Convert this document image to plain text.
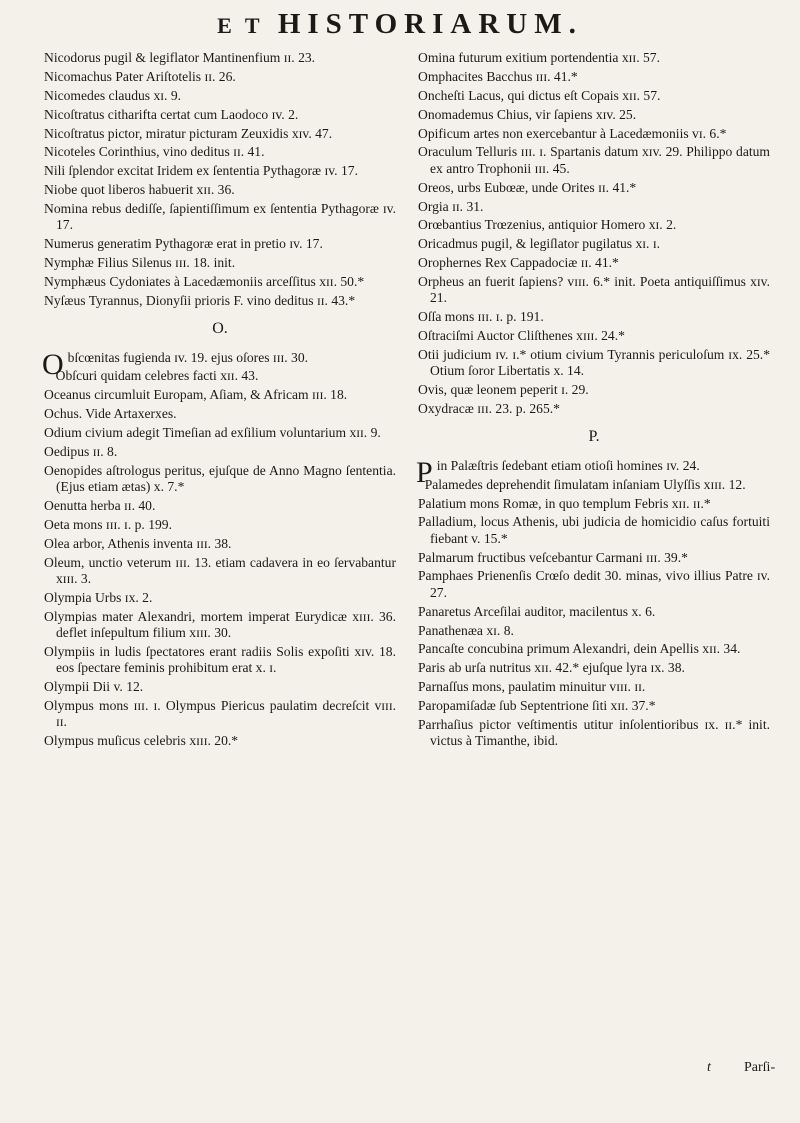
E T HISTORIARUM.
Nicodorus pugil & legiflator Mantinenfium ɪɪ. 23.
Nicomachus Pater Ariſtotelis ɪɪ. 26.
Nicomedes claudus xɪ. 9.
Nicoſtratus citharifta certat cum Laodoco ɪv. 2.
Nicoſtratus pictor, miratur picturam Zeuxidis xɪv. 47.
Nicoteles Corinthius, vino deditus ɪɪ. 41.
Nili ſplendor excitat Iridem ex ſententia Pythagoræ ɪv. 17.
Niobe quot liberos habuerit xɪɪ. 36.
Nomina rebus dediſſe, ſapientiſſimum ex ſententia Pythagoræ ɪv. 17.
Numerus generatim Pythagoræ erat in pretio ɪv. 17.
Nymphæ Filius Silenus ɪɪɪ. 18. init.
Nymphæus Cydoniates à Lacedæmoniis arceſſitus xɪɪ. 50.*
Nyſæus Tyrannus, Dionyſii prioris F. vino deditus ɪɪ. 43.*
O.
O bſcœnitas fugienda ɪv. 19. ejus oſores ɪɪɪ. 30.
Obſcuri quidam celebres facti xɪɪ. 43.
Oceanus circumluit Europam, Aſiam, & Africam ɪɪɪ. 18.
Ochus. Vide Artaxerxes.
Odium civium adegit Timeſian ad exſilium voluntarium xɪɪ. 9.
Oedipus ɪɪ. 8.
Oenopides aſtrologus peritus, ejuſque de Anno Magno ſententia. (Ejus etiam ætas) x. 7.*
Oenutta herba ɪɪ. 40.
Oeta mons ɪɪɪ. ɪ. p. 199.
Olea arbor, Athenis inventa ɪɪɪ. 38.
Oleum, unctio veterum ɪɪɪ. 13. etiam cadavera in eo ſervabantur xɪɪɪ. 3.
Olympia Urbs ɪx. 2.
Olympias mater Alexandri, mortem imperat Eurydicæ xɪɪɪ. 36. deflet inſepultum filium xɪɪɪ. 30.
Olympiis in ludis ſpectatores erant radiis Solis expoſiti xɪv. 18. eos ſpectare feminis prohibitum erat x. ɪ.
Olympii Dii v. 12.
Olympus mons ɪɪɪ. ɪ. Olympus Piericus paulatim decreſcit vɪɪɪ. ɪɪ.
Olympus muſicus celebris xɪɪɪ. 20.*
Omina futurum exitium portendentia xɪɪ. 57.
Omphacites Bacchus ɪɪɪ. 41.*
Oncheſti Lacus, qui dictus eſt Copais xɪɪ. 57.
Onomademus Chius, vir ſapiens xɪv. 25.
Opificum artes non exercebantur à Lacedæmoniis vɪ. 6.*
Oraculum Telluris ɪɪɪ. ɪ. Spartanis datum xɪv. 29. Philippo datum ex antro Trophonii ɪɪɪ. 45.
Oreos, urbs Eubœæ, unde Orites ɪɪ. 41.*
Orgia ɪɪ. 31.
Orœbantius Trœzenius, antiquior Homero xɪ. 2.
Oricadmus pugil, & legiſlator pugilatus xɪ. ɪ.
Orophernes Rex Cappadociæ ɪɪ. 41.*
Orpheus an fuerit ſapiens? vɪɪɪ. 6.* init. Poeta antiquiſſimus xɪv. 21.
Oſſa mons ɪɪɪ. ɪ. p. 191.
Oſtraciſmi Auctor Cliſthenes xɪɪɪ. 24.*
Otii judicium ɪv. ɪ.* otium civium Tyrannis periculoſum ɪx. 25.* Otium ſoror Libertatis x. 14.
Ovis, quæ leonem peperit ɪ. 29.
Oxydracæ ɪɪɪ. 23. p. 265.*
P.
P in Palæſtris ſedebant etiam otioſi homines ɪv. 24.
Palamedes deprehendit ſimulatam inſaniam Ulyſſis xɪɪɪ. 12.
Palatium mons Romæ, in quo templum Febris xɪɪ. ɪɪ.*
Palladium, locus Athenis, ubi judicia de homicidio caſus fortuiti fiebant v. 15.*
Palmarum fructibus veſcebantur Carmani ɪɪɪ. 39.*
Pamphaes Prienenſis Crœſo dedit 30. minas, vivo illius Patre ɪv. 27.
Panaretus Arceſilai auditor, macilentus x. 6.
Panathenæa xɪ. 8.
Pancaſte concubina primum Alexandri, dein Apellis xɪɪ. 34.
Paris ab urſa nutritus xɪɪ. 42.* ejuſque lyra ɪx. 38.
Parnaſſus mons, paulatim minuitur vɪɪɪ. ɪɪ.
Paropamiſadæ ſub Septentrione ſiti xɪɪ. 37.*
Parrhaſius pictor veſtimentis utitur inſolentioribus ɪx. ɪɪ.* init. victus à Timanthe, ibid.
t Parſi-
